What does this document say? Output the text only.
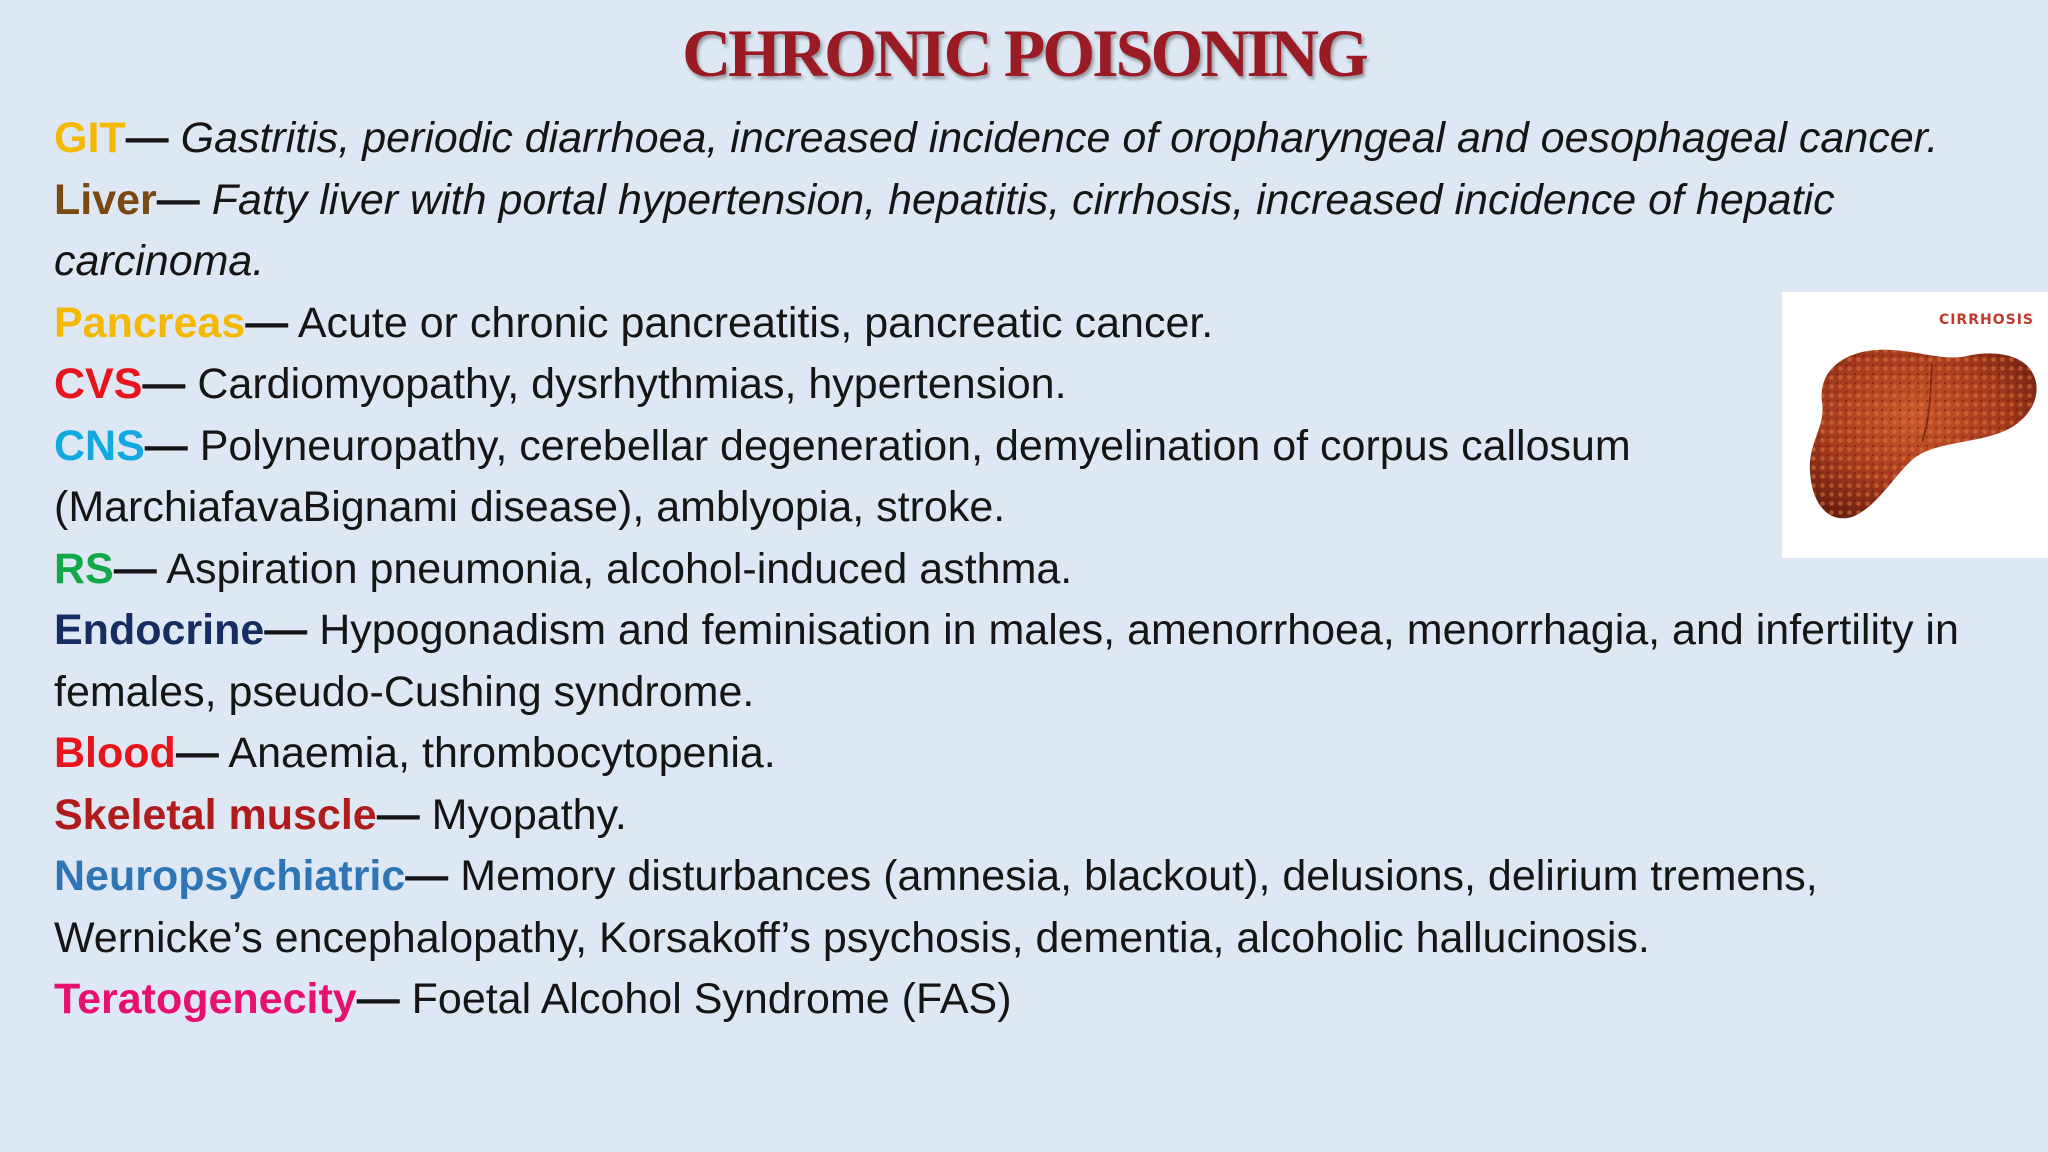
CHRONIC POISONING

GIT— Gastritis, periodic diarrhoea, increased incidence of oropharyngeal and oesophageal cancer.

Liver— Fatty liver with portal hypertension, hepatitis, cirrhosis, increased incidence of hepatic carcinoma.

Pancreas— Acute or chronic pancreatitis, pancreatic cancer.

CVS— Cardiomyopathy, dysrhythmias, hypertension.

CNS— Polyneuropathy, cerebellar degeneration, demyelination of corpus callosum (MarchiafavaBignami disease), amblyopia, stroke.

RS— Aspiration pneumonia, alcohol-induced asthma.

Endocrine— Hypogonadism and feminisation in males, amenorrhoea, menorrhagia, and infertility in females, pseudo-Cushing syndrome.

Blood— Anaemia, thrombocytopenia.

Skeletal muscle— Myopathy.

Neuropsychiatric— Memory disturbances (amnesia, blackout), delusions, delirium tremens, Wernicke’s encephalopathy, Korsakoff’s psychosis, dementia, alcoholic hallucinosis.

Teratogenecity— Foetal Alcohol Syndrome (FAS)

CIRRHOSIS
